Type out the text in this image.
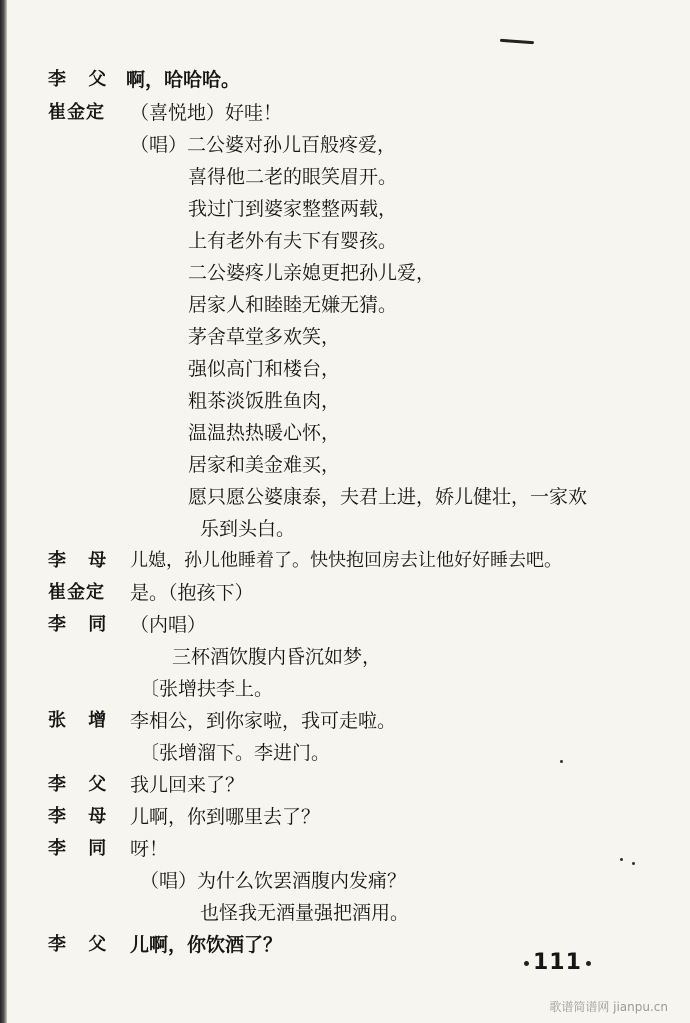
李 父 啊，哈哈哈。
崔金定 （喜悦地）好哇！
（唱）二公婆对孙儿百般疼爱，
喜得他二老的眼笑眉开。
我过门到婆家整整两载，
上有老外有夫下有婴孩。
二公婆疼儿亲媳更把孙儿爱，
居家人和睦睦无嫌无猜。
茅舍草堂多欢笑，
强似高门和楼台，
粗茶淡饭胜鱼肉，
温温热热暖心怀，
居家和美金难买，
愿只愿公婆康泰，夫君上进，娇儿健壮，一家欢
乐到头白。
李 母 儿媳，孙儿他睡着了。快快抱回房去让他好好睡去吧。
崔金定 是。（抱孩下）
李 同 （内唱）
三杯酒饮腹内昏沉如梦，
〔张增扶李上。
张 增 李相公，到你家啦，我可走啦。
〔张增溜下。李进门。
李 父 我儿回来了？
李 母 儿啊，你到哪里去了？
李 同 呀！
（唱）为什么饮罢酒腹内发痛？
也怪我无酒量强把酒用。
李 父 儿啊，你饮酒了？
111
歌谱简谱网 jianpu.cn
